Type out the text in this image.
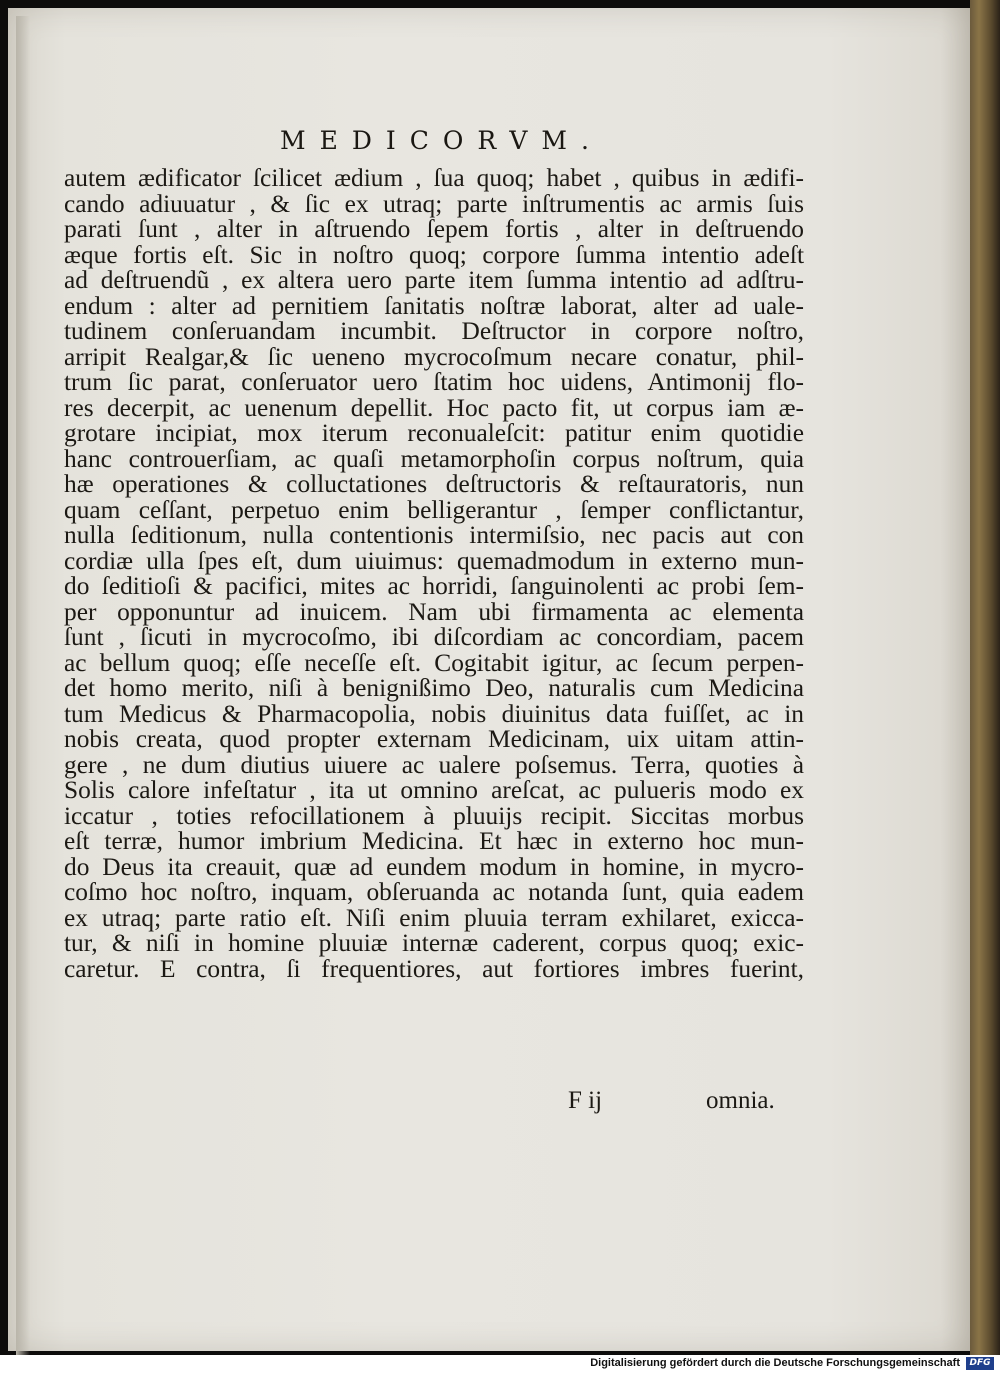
MEDICORVM.
autem ædificator ſcilicet ædium , ſua quoq; habet , quibus in ædifi-
cando adiuuatur , & ſic ex utraq; parte inſtrumentis ac armis ſuis
parati ſunt , alter in aſtruendo ſepem fortis , alter in deſtruendo
æque fortis eſt. Sic in noſtro quoq; corpore ſumma intentio adeſt
ad deſtruendũ , ex altera uero parte item ſumma intentio ad adſtru-
endum : alter ad pernitiem ſanitatis noſtræ laborat, alter ad uale-
tudinem conſeruandam incumbit. Deſtructor in corpore noſtro,
arripit Realgar,& ſic ueneno mycrocoſmum necare conatur, phil-
trum ſic parat, conſeruator uero ſtatim hoc uidens, Antimonij flo-
res decerpit, ac uenenum depellit. Hoc pacto fit, ut corpus iam æ-
grotare incipiat, mox iterum reconualeſcit: patitur enim quotidie
hanc controuerſiam, ac quaſi metamorphoſin corpus noſtrum, quia
hæ operationes & colluctationes deſtructoris & reſtauratoris, nun
quam ceſſant, perpetuo enim belligerantur , ſemper conflictantur,
nulla ſeditionum, nulla contentionis intermiſsio, nec pacis aut con
cordiæ ulla ſpes eſt, dum uiuimus: quemadmodum in externo mun-
do ſeditioſi & pacifici, mites ac horridi, ſanguinolenti ac probi ſem-
per opponuntur ad inuicem. Nam ubi firmamenta ac elementa
ſunt , ſicuti in mycrocoſmo, ibi diſcordiam ac concordiam, pacem
ac bellum quoq; eſſe neceſſe eſt. Cogitabit igitur, ac ſecum perpen-
det homo merito, niſi à benignißimo Deo, naturalis cum Medicina
tum Medicus & Pharmacopolia, nobis diuinitus data fuiſſet, ac in
nobis creata, quod propter externam Medicinam, uix uitam attin-
gere , ne dum diutius uiuere ac ualere poſsemus. Terra, quoties à
Solis calore infeſtatur , ita ut omnino areſcat, ac pulueris modo ex
iccatur , toties refocillationem à pluuijs recipit. Siccitas morbus
eſt terræ, humor imbrium Medicina. Et hæc in externo hoc mun-
do Deus ita creauit, quæ ad eundem modum in homine, in mycro-
coſmo hoc noſtro, inquam, obſeruanda ac notanda ſunt, quia eadem
ex utraq; parte ratio eſt. Niſi enim pluuia terram exhilaret, exicca-
tur, & niſi in homine pluuiæ internæ caderent, corpus quoq; exic-
caretur. E contra, ſi frequentiores, aut fortiores imbres fuerint,
F ij	omnia.
Digitalisierung gefördert durch die Deutsche Forschungsgemeinschaft	DFG
